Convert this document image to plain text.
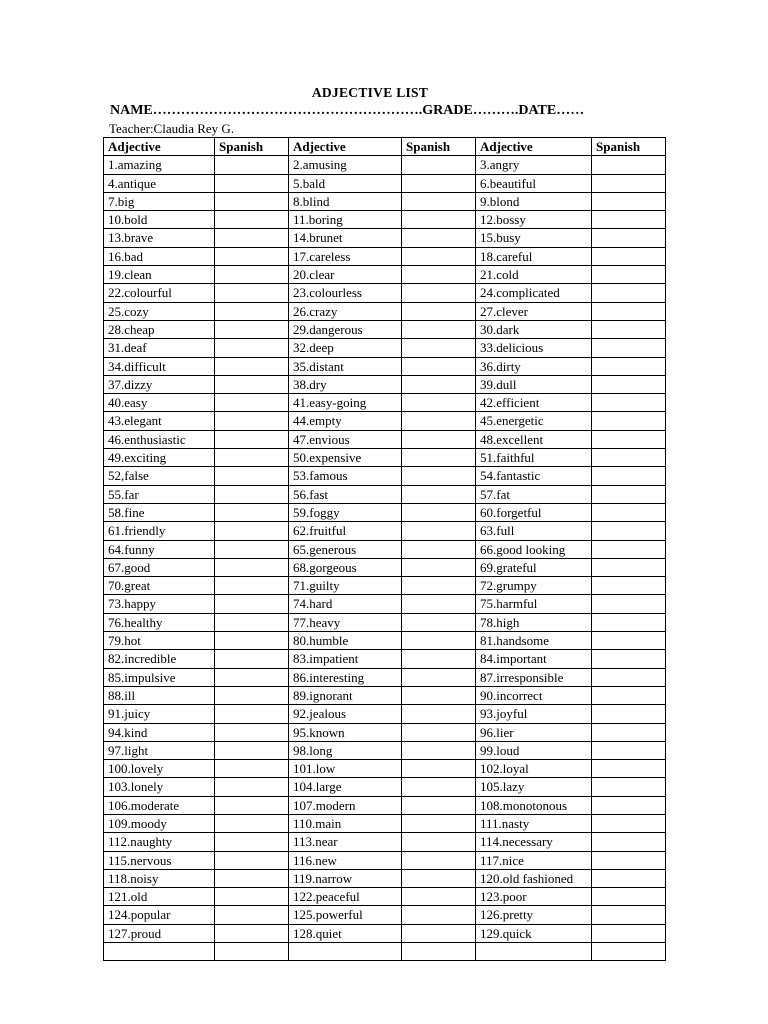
ADJECTIVE LIST
NAME………………………………………………….GRADE……….DATE……
Teacher:Claudia Rey G.
Adjective	Spanish	Adjective	Spanish	Adjective	Spanish
1.amazing		2.amusing		3.angry	
4.antique		5.bald		6.beautiful	
7.big		8.blind		9.blond	
10.bold		11.boring		12.bossy	
13.brave		14.brunet		15.busy	
16.bad		17.careless		18.careful	
19.clean		20.clear		21.cold	
22.colourful		23.colourless		24.complicated	
25.cozy		26.crazy		27.clever	
28.cheap		29.dangerous		30.dark	
31.deaf		32.deep		33.delicious	
34.difficult		35.distant		36.dirty	
37.dizzy		38.dry		39.dull	
40.easy		41.easy-going		42.efficient	
43.elegant		44.empty		45.energetic	
46.enthusiastic		47.envious		48.excellent	
49.exciting		50.expensive		51.faithful	
52,false		53.famous		54.fantastic	
55.far		56.fast		57.fat	
58.fine		59.foggy		60.forgetful	
61.friendly		62.fruitful		63.full	
64.funny		65.generous		66.good looking	
67.good		68.gorgeous		69.grateful	
70.great		71.guilty		72.grumpy	
73.happy		74.hard		75.harmful	
76.healthy		77.heavy		78.high	
79.hot		80.humble		81.handsome	
82.incredible		83.impatient		84.important	
85.impulsive		86.interesting		87.irresponsible	
88.ill		89.ignorant		90.incorrect	
91.juicy		92.jealous		93.joyful	
94.kind		95.known		96.lier	
97.light		98.long		99.loud	
100.lovely		101.low		102.loyal	
103.lonely		104.large		105.lazy	
106.moderate		107.modern		108.monotonous	
109.moody		110.main		111.nasty	
112.naughty		113.near		114.necessary	
115.nervous		116.new		117.nice	
118.noisy		119.narrow		120.old fashioned	
121.old		122.peaceful		123.poor	
124.popular		125.powerful		126.pretty	
127.proud		128.quiet		129.quick	
